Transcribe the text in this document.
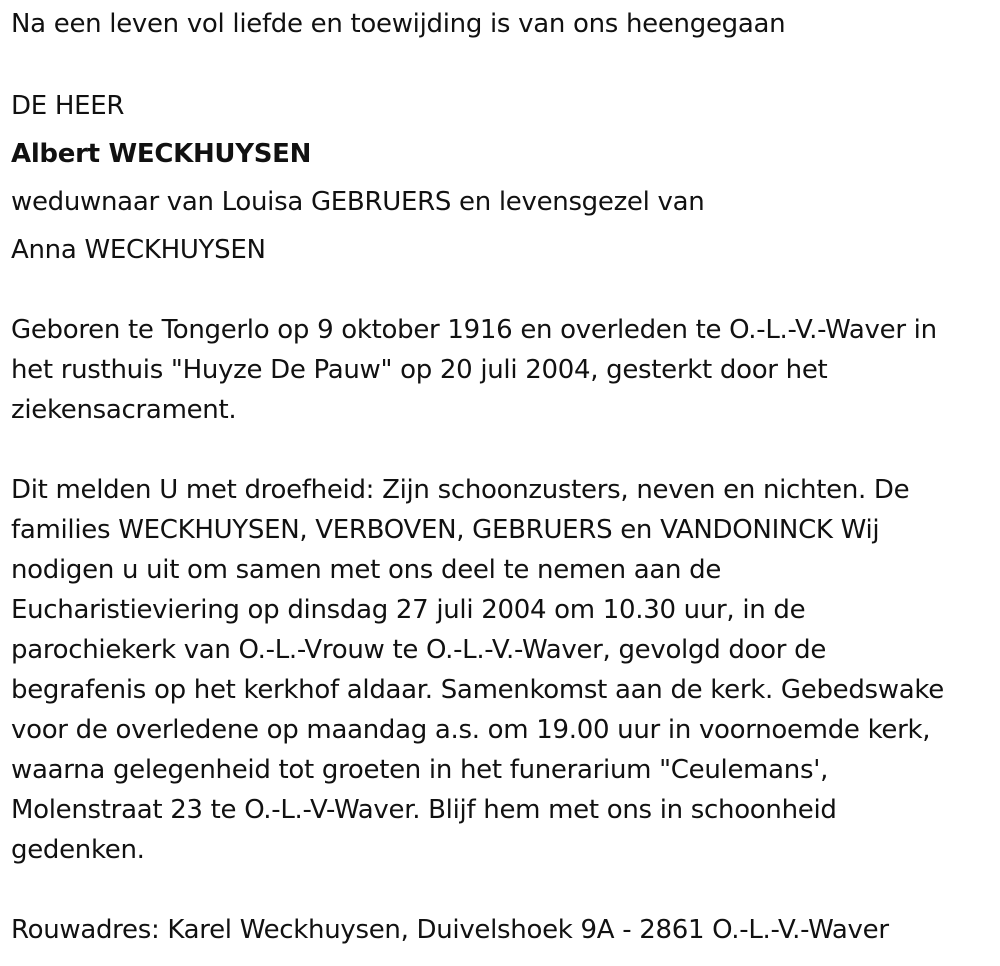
Na een leven vol liefde en toewijding is van ons heengegaan
DE HEER
Albert WECKHUYSEN
weduwnaar van Louisa GEBRUERS en levensgezel van
Anna WECKHUYSEN
Geboren te Tongerlo op 9 oktober 1916 en overleden te O.-L.-V.-Waver in
het rusthuis "Huyze De Pauw" op 20 juli 2004, gesterkt door het
ziekensacrament.
Dit melden U met droefheid: Zijn schoonzusters, neven en nichten. De
families WECKHUYSEN, VERBOVEN, GEBRUERS en VANDONINCK Wij
nodigen u uit om samen met ons deel te nemen aan de
Eucharistieviering op dinsdag 27 juli 2004 om 10.30 uur, in de
parochiekerk van O.-L.-Vrouw te O.-L.-V.-Waver, gevolgd door de
begrafenis op het kerkhof aldaar. Samenkomst aan de kerk. Gebedswake
voor de overledene op maandag a.s. om 19.00 uur in voornoemde kerk,
waarna gelegenheid tot groeten in het funerarium "Ceulemans',
Molenstraat 23 te O.-L.-V-Waver. Blijf hem met ons in schoonheid
gedenken.
Rouwadres: Karel Weckhuysen, Duivelshoek 9A - 2861 O.-L.-V.-Waver
